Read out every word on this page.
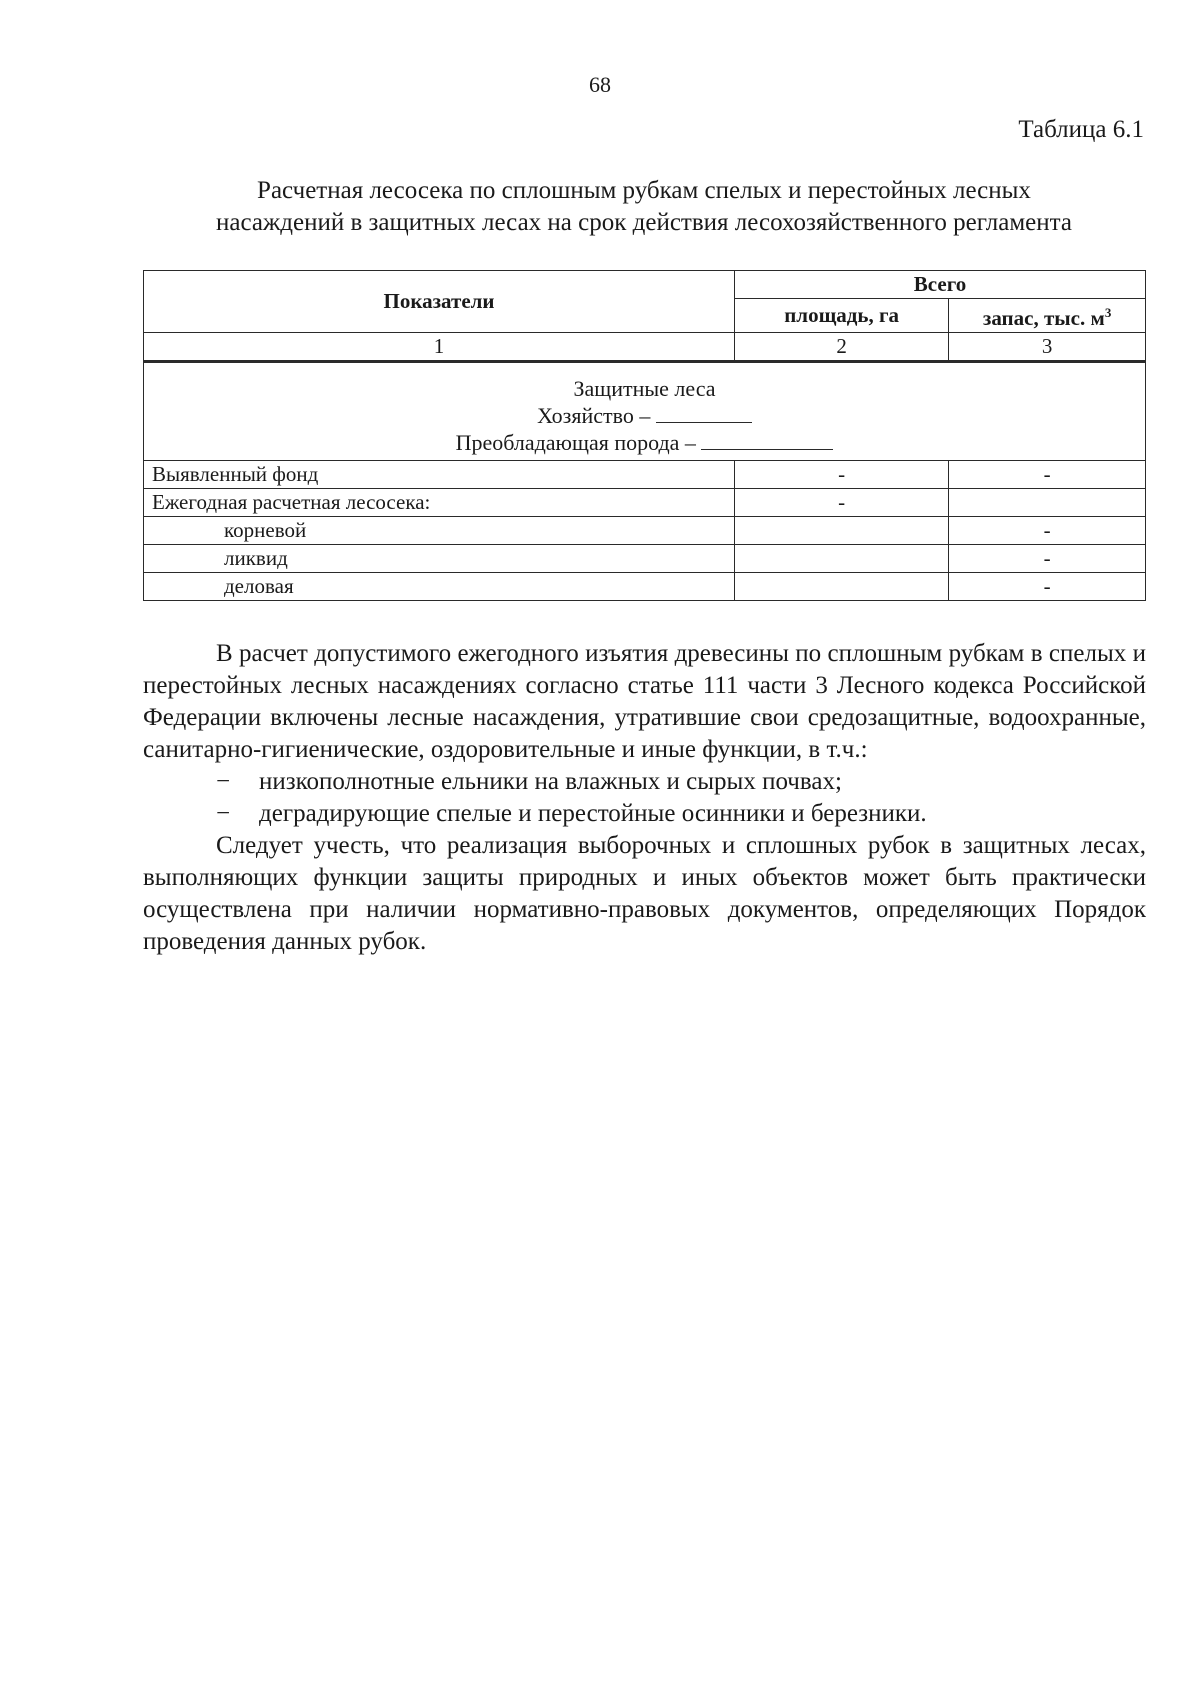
68
Таблица 6.1
Расчетная лесосека по сплошным рубкам спелых и перестойных лесных
насаждений в защитных лесах на срок действия лесохозяйственного регламента
Показатели	Всего	
	площадь, га	запас, тыс. $м^3$
1	2	3

Защитные леса
Хозяйство –
Преобладающая порода –		

Выявленный фонд	-	-
Ежегодная расчетная лесосека:	-	
корневой		-
ликвид		-
деловая		-

В расчет допустимого ежегодного изъятия древесины по сплошным рубкам в спелых и перестойных лесных насаждениях согласно статье 111 части 3 Лесного кодекса Российской Федерации включены лесные насаждения, утратившие свои средозащитные, водоохранные, санитарно-гигиенические, оздоровительные и иные функции, в т.ч.:

− низкополнотные ельники на влажных и сырых почвах;
− деградирующие спелые и перестойные осинники и березники.

Следует учесть, что реализация выборочных и сплошных рубок в защитных лесах, выполняющих функции защиты природных и иных объектов может быть практически осуществлена при наличии нормативно-правовых документов, определяющих Порядок проведения данных рубок.
